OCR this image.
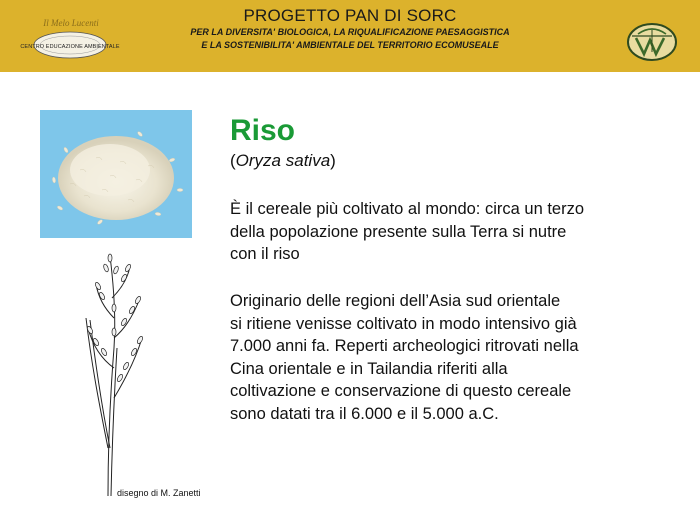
Il Melo Lucenti
CENTRO EDUCAZIONE AMBIENTALE
PROGETTO PAN DI SORC
PER LA DIVERSITA' BIOLOGICA, LA RIQUALIFICAZIONE PAESAGGISTICA
E LA SOSTENIBILITA' AMBIENTALE DEL TERRITORIO ECOMUSEALE
disegno di M. Zanetti
Riso
(Oryza sativa)

È il cereale più coltivato al mondo: circa un terzo
della popolazione presente sulla Terra si nutre
con il riso

Originario delle regioni dell’Asia sud orientale
si ritiene venisse coltivato in modo intensivo già
7.000 anni fa. Reperti archeologici ritrovati nella
Cina orientale e in Tailandia riferiti alla
coltivazione e conservazione di questo cereale
sono datati tra il 6.000 e il 5.000 a.C.
